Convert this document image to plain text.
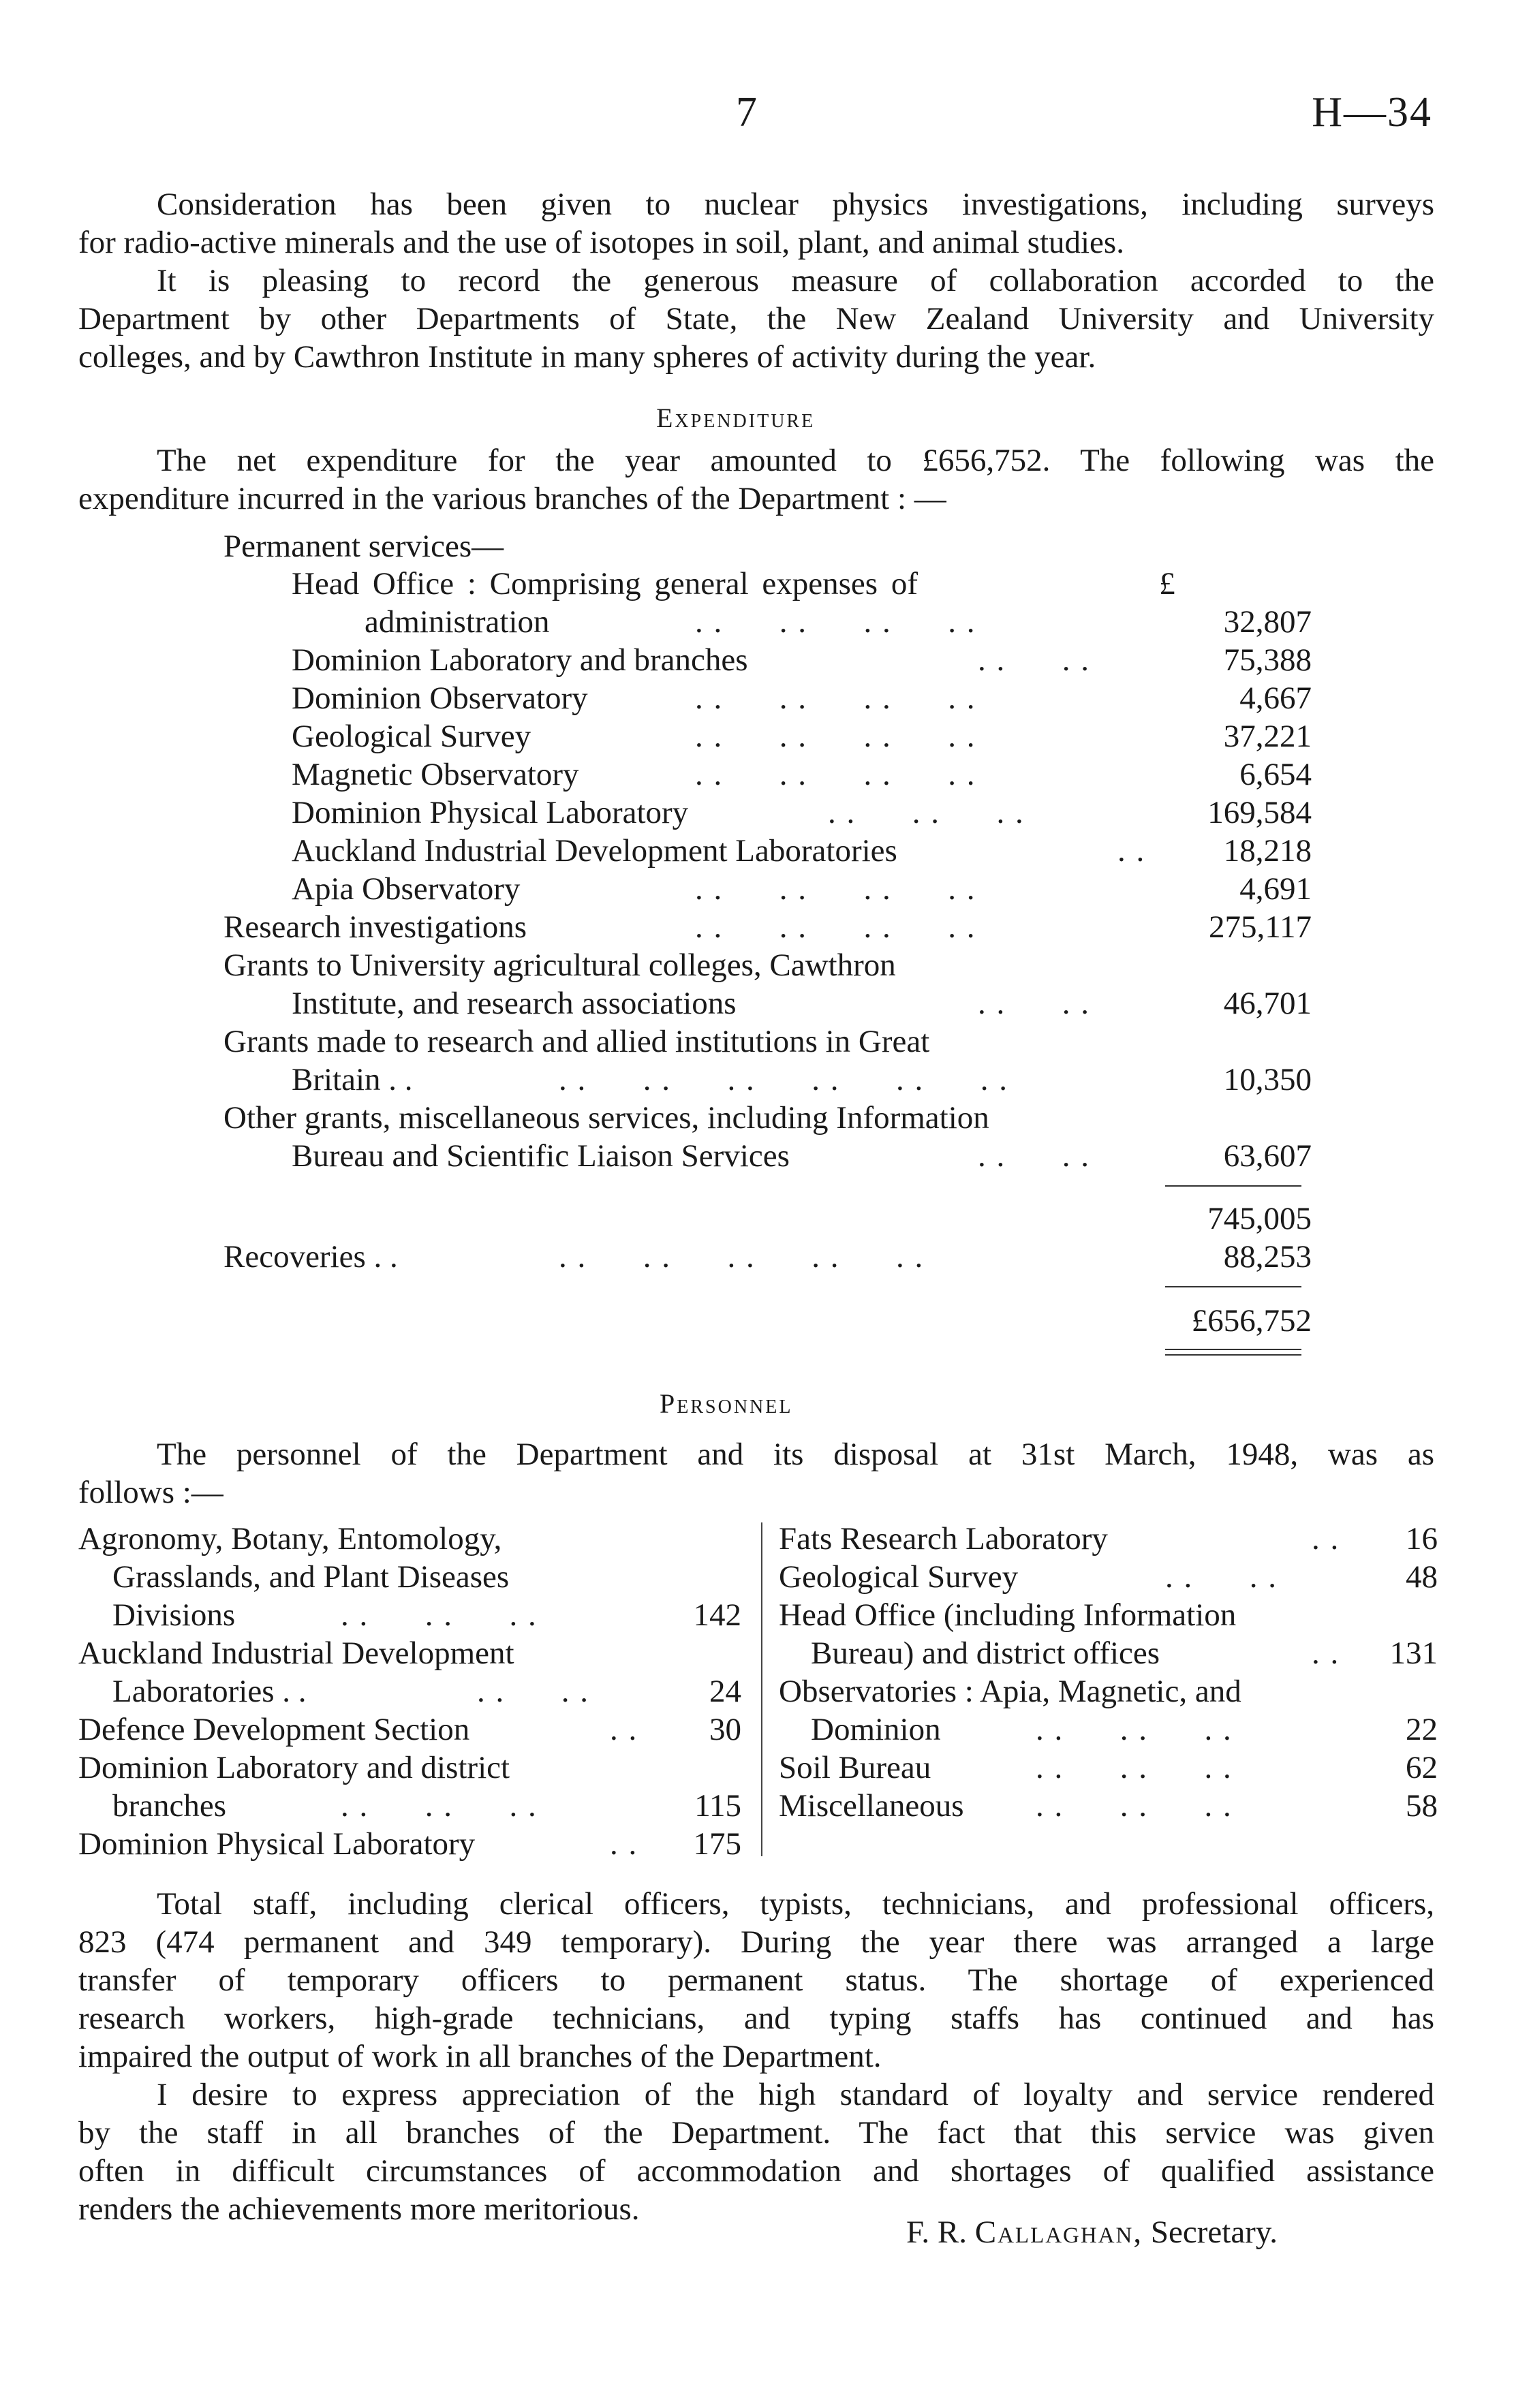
7	H—34
Consideration has been given to nuclear physics investigations, including surveys
for radio-active minerals and the use of isotopes in soil, plant, and animal studies.
It is pleasing to record the generous measure of collaboration accorded to the
Department by other Departments of State, the New Zealand University and University
colleges, and by Cawthron Institute in many spheres of activity during the year.
Expenditure
The net expenditure for the year amounted to £656,752. The following was the
expenditure incurred in the various branches of the Department : —
Permanent services—
£
Head Office : Comprising general expenses of
administration	. .      . .      . .      . .	32,807
Dominion Laboratory and branches	. .      . .	75,388
Dominion Observatory	. .      . .      . .      . .	4,667
Geological Survey	. .      . .      . .      . .	37,221
Magnetic Observatory	. .      . .      . .      . .	6,654
Dominion Physical Laboratory	. .      . .      . .	169,584
Auckland Industrial Development Laboratories	. .	18,218
Apia Observatory	. .      . .      . .      . .	4,691
Research investigations	. .      . .      . .      . .	275,117
Grants to University agricultural colleges, Cawthron
Institute, and research associations	. .      . .	46,701
Grants made to research and allied institutions in Great
Britain . .	. .      . .      . .      . .      . .      . .	10,350
Other grants, miscellaneous services, including Information
Bureau and Scientific Liaison Services	. .      . .	63,607
745,005
Recoveries . .	. .      . .      . .      . .      . .	88,253
£656,752
Personnel
The personnel of the Department and its disposal at 31st March, 1948, was as
follows :—
Agronomy, Botany, Entomology,
Grasslands, and Plant Diseases
Divisions	. .      . .      . .	142
Auckland Industrial Development
Laboratories . .	. .      . .	24
Defence Development Section	. .	30
Dominion Laboratory and district
branches	. .      . .      . .	115
Dominion Physical Laboratory	. .	175
Fats Research Laboratory	. .	16
Geological Survey	. .      . .	48
Head Office (including Information
Bureau) and district offices	. .	131
Observatories : Apia, Magnetic, and
Dominion	. .      . .      . .	22
Soil Bureau	. .      . .      . .	62
Miscellaneous . .      . .      . .	58
Total staff, including clerical officers, typists, technicians, and professional officers,
823 (474 permanent and 349 temporary). During the year there was arranged a large
transfer of temporary officers to permanent status. The shortage of experienced
research workers, high-grade technicians, and typing staffs has continued and has
impaired the output of work in all branches of the Department.
I desire to express appreciation of the high standard of loyalty and service rendered
by the staff in all branches of the Department. The fact that this service was given
often in difficult circumstances of accommodation and shortages of qualified assistance
renders the achievements more meritorious.
F. R. Callaghan, Secretary.
